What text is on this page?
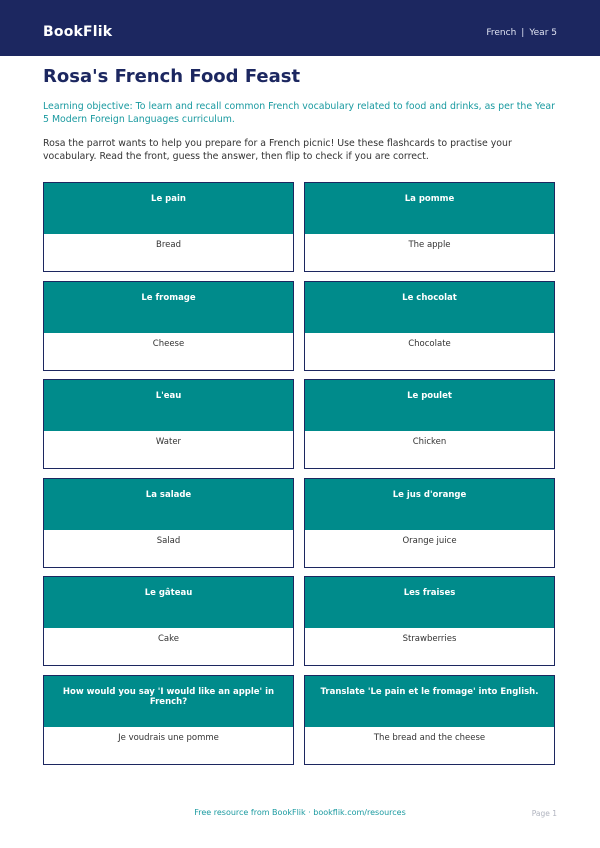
BookFlik	French | Year 5
Rosa's French Food Feast
Learning objective: To learn and recall common French vocabulary related to food and drinks, as per the Year 5 Modern Foreign Languages curriculum.
Rosa the parrot wants to help you prepare for a French picnic! Use these flashcards to practise your vocabulary. Read the front, guess the answer, then flip to check if you are correct.
Le pain
Bread
La pomme
The apple
Le fromage
Cheese
Le chocolat
Chocolate
L'eau
Water
Le poulet
Chicken
La salade
Salad
Le jus d'orange
Orange juice
Le gâteau
Cake
Les fraises
Strawberries
How would you say 'I would like an apple' in French?
Je voudrais une pomme
Translate 'Le pain et le fromage' into English.
The bread and the cheese
Free resource from BookFlik · bookflik.com/resources	Page 1
